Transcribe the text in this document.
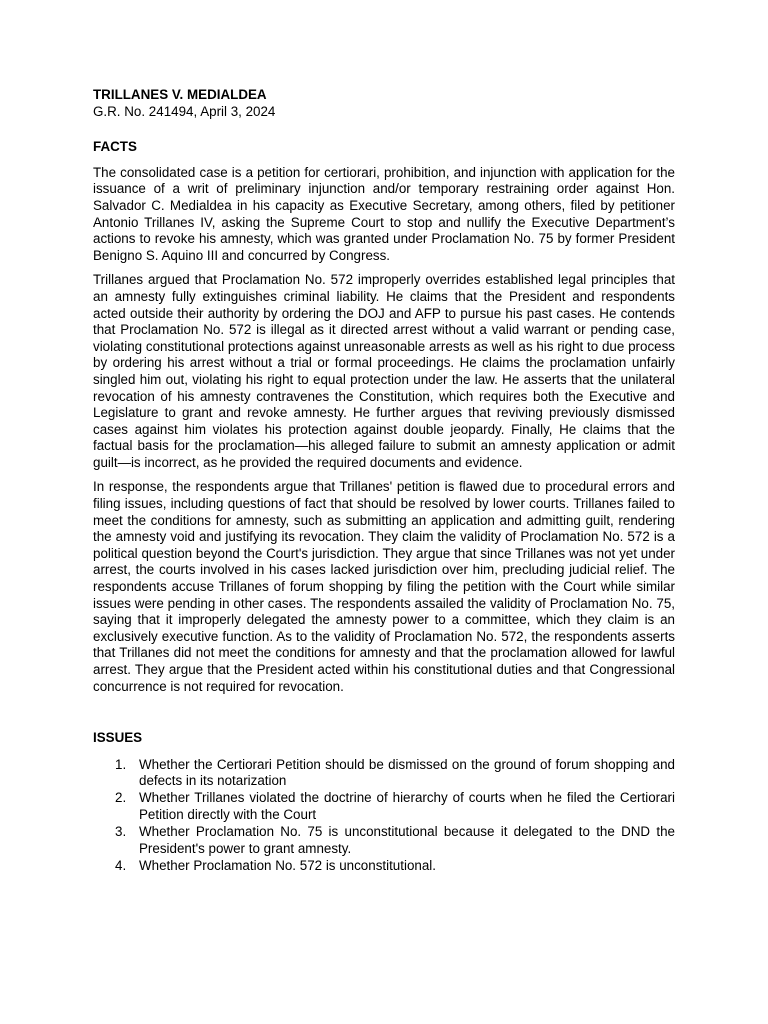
TRILLANES V. MEDIALDEA

G.R. No. 241494, April 3, 2024

FACTS

The consolidated case is a petition for certiorari, prohibition, and injunction with application for the issuance of a writ of preliminary injunction and/or temporary restraining order against Hon. Salvador C. Medialdea in his capacity as Executive Secretary, among others, filed by petitioner Antonio Trillanes IV, asking the Supreme Court to stop and nullify the Executive Department’s actions to revoke his amnesty, which was granted under Proclamation No. 75 by former President Benigno S. Aquino III and concurred by Congress.

Trillanes argued that Proclamation No. 572 improperly overrides established legal principles that an amnesty fully extinguishes criminal liability. He claims that the President and respondents acted outside their authority by ordering the DOJ and AFP to pursue his past cases. He contends that Proclamation No. 572 is illegal as it directed arrest without a valid warrant or pending case, violating constitutional protections against unreasonable arrests as well as his right to due process by ordering his arrest without a trial or formal proceedings. He claims the proclamation unfairly singled him out, violating his right to equal protection under the law. He asserts that the unilateral revocation of his amnesty contravenes the Constitution, which requires both the Executive and Legislature to grant and revoke amnesty. He further argues that reviving previously dismissed cases against him violates his protection against double jeopardy. Finally, He claims that the factual basis for the proclamation—his alleged failure to submit an amnesty application or admit guilt—is incorrect, as he provided the required documents and evidence.

In response, the respondents argue that Trillanes' petition is flawed due to procedural errors and filing issues, including questions of fact that should be resolved by lower courts. Trillanes failed to meet the conditions for amnesty, such as submitting an application and admitting guilt, rendering the amnesty void and justifying its revocation. They claim the validity of Proclamation No. 572 is a political question beyond the Court's jurisdiction. They argue that since Trillanes was not yet under arrest, the courts involved in his cases lacked jurisdiction over him, precluding judicial relief. The respondents accuse Trillanes of forum shopping by filing the petition with the Court while similar issues were pending in other cases. The respondents assailed the validity of Proclamation No. 75, saying that it improperly delegated the amnesty power to a committee, which they claim is an exclusively executive function. As to the validity of Proclamation No. 572, the respondents asserts that Trillanes did not meet the conditions for amnesty and that the proclamation allowed for lawful arrest. They argue that the President acted within his constitutional duties and that Congressional concurrence is not required for revocation.

ISSUES

1. Whether the Certiorari Petition should be dismissed on the ground of forum shopping and defects in its notarization
2. Whether Trillanes violated the doctrine of hierarchy of courts when he filed the Certiorari Petition directly with the Court
3. Whether Proclamation No. 75 is unconstitutional because it delegated to the DND the President's power to grant amnesty.
4. Whether Proclamation No. 572 is unconstitutional.
